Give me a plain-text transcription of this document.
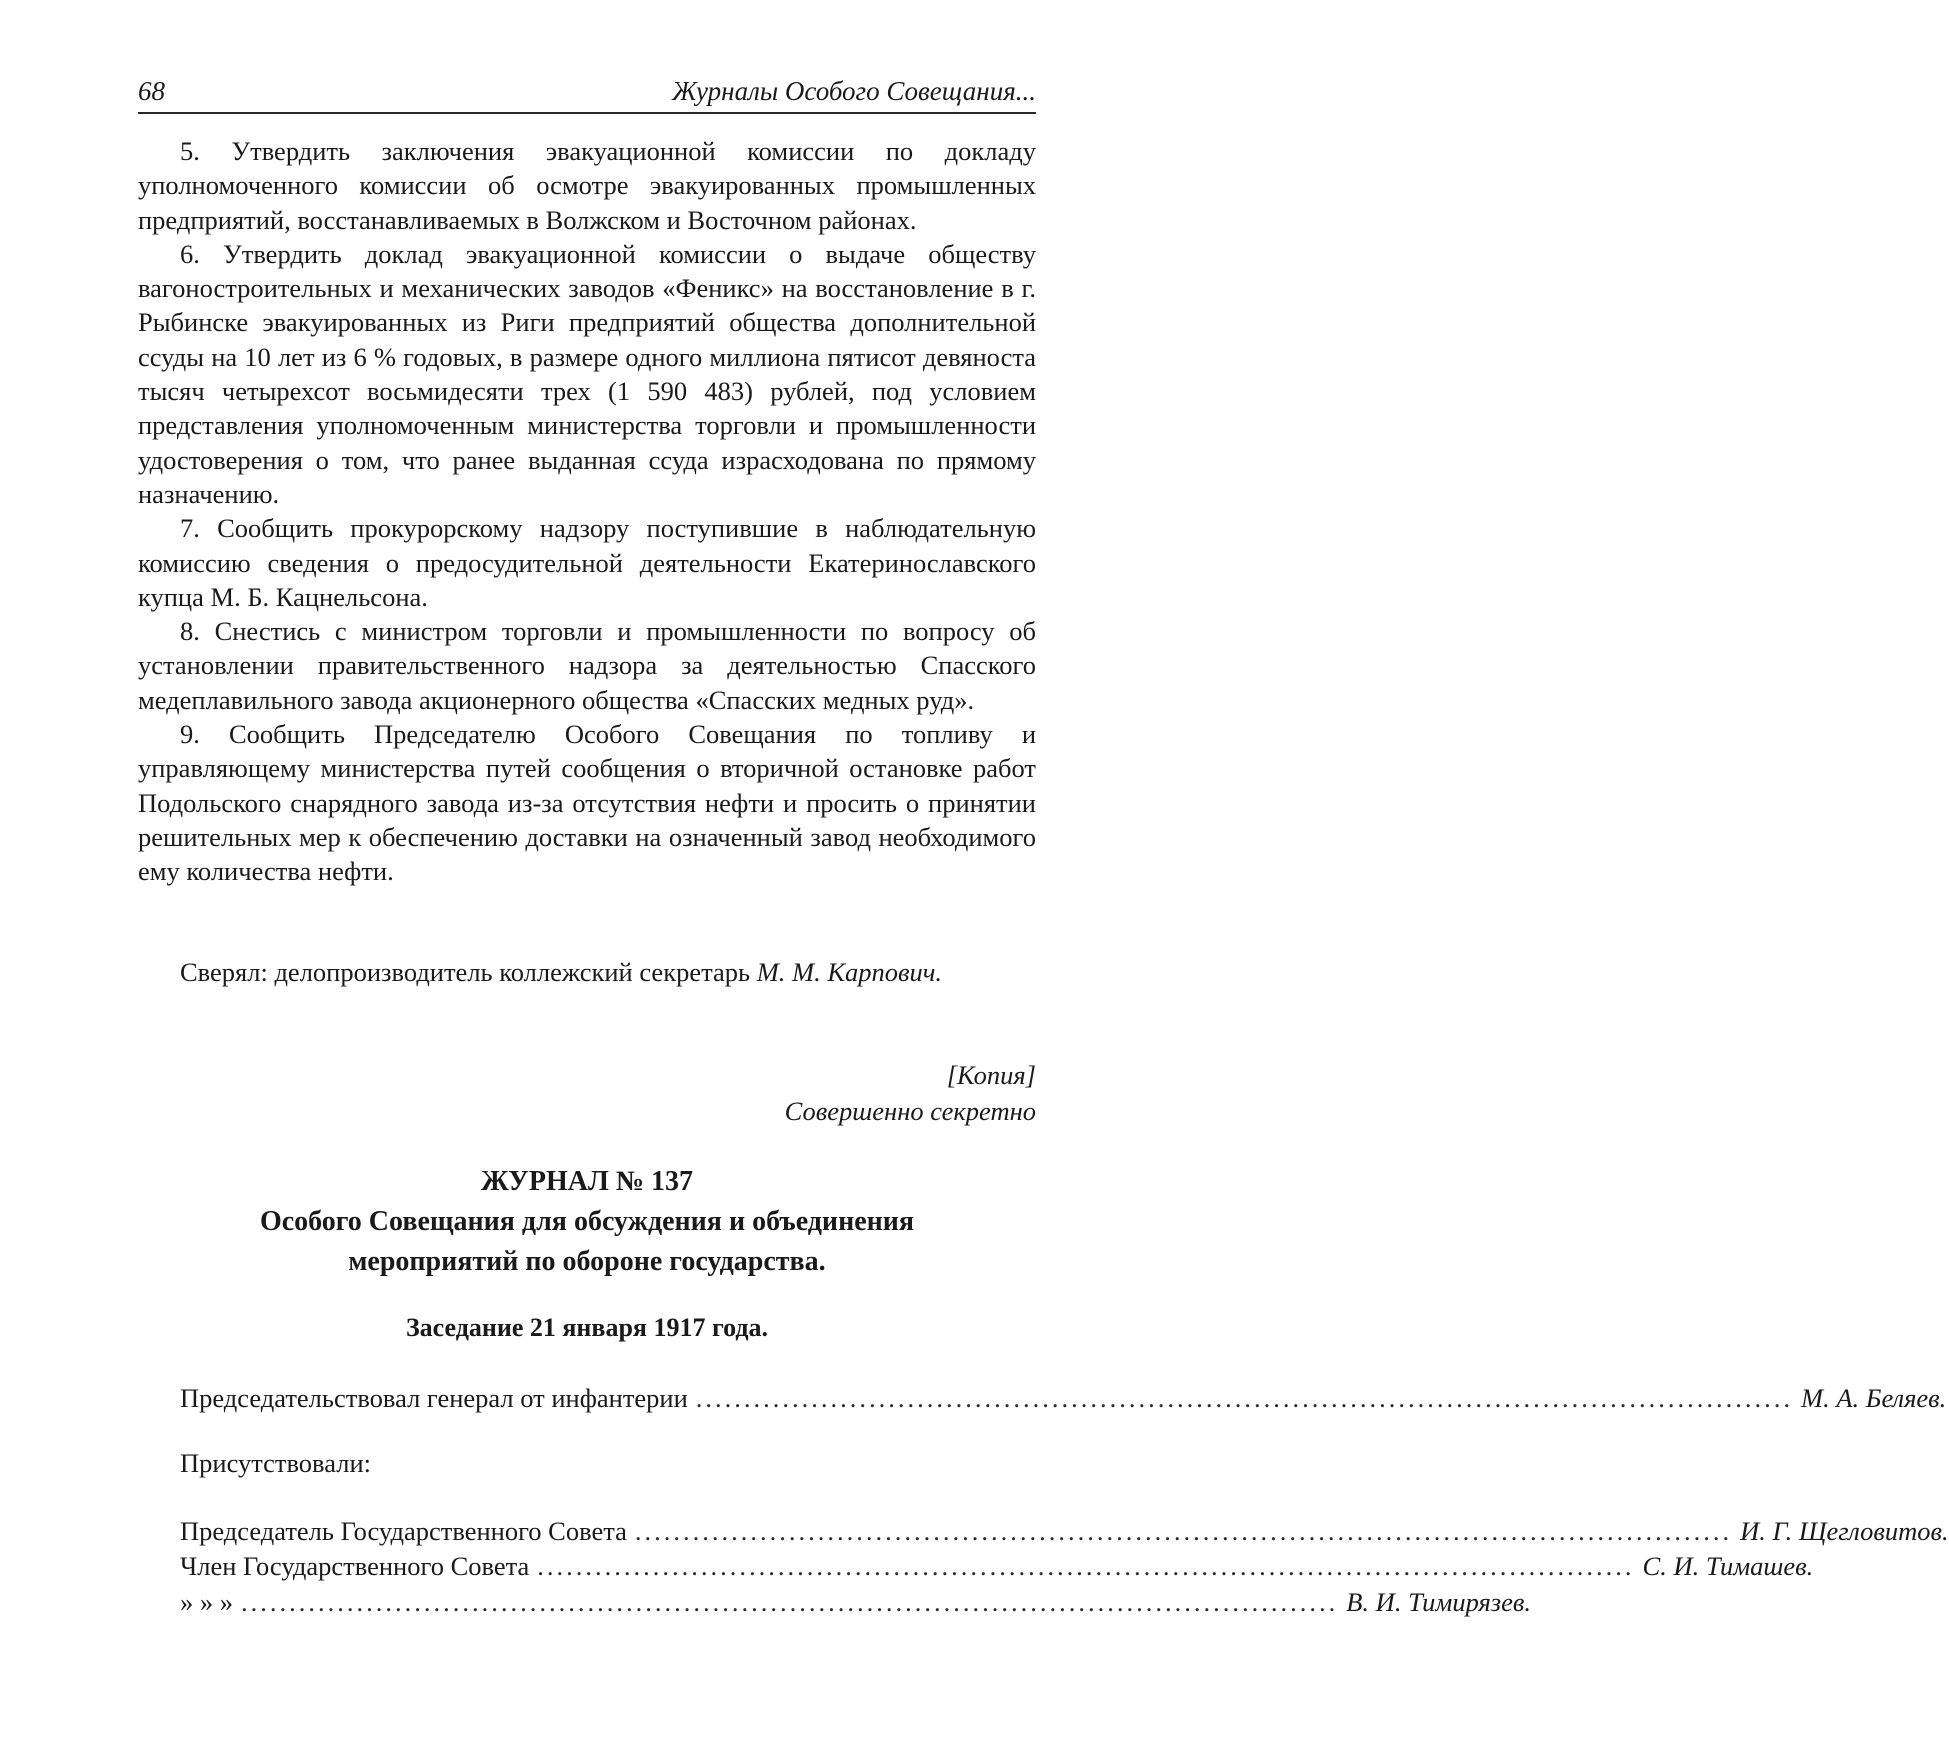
68	Журналы Особого Совещания...

5. Утвердить заключения эвакуационной комиссии по докладу уполномоченного комиссии об осмотре эвакуированных промышленных предприятий, восстанавливаемых в Волжском и Восточном районах.

6. Утвердить доклад эвакуационной комиссии о выдаче обществу вагоностроительных и механических заводов «Феникс» на восстановление в г. Рыбинске эвакуированных из Риги предприятий общества дополнительной ссуды на 10 лет из 6 % годовых, в размере одного миллиона пятисот девяноста тысяч четырехсот восьмидесяти трех (1 590 483) рублей, под условием представления уполномоченным министерства торговли и промышленности удостоверения о том, что ранее выданная ссуда израсходована по прямому назначению.

7. Сообщить прокурорскому надзору поступившие в наблюдательную комиссию сведения о предосудительной деятельности Екатеринославского купца М. Б. Кацнельсона.

8. Снестись с министром торговли и промышленности по вопросу об установлении правительственного надзора за деятельностью Спасского медеплавильного завода акционерного общества «Спасских медных руд».

9. Сообщить Председателю Особого Совещания по топливу и управляющему министерства путей сообщения о вторичной остановке работ Подольского снарядного завода из-за отсутствия нефти и просить о принятии решительных мер к обеспечению доставки на означенный завод необходимого ему количества нефти.

Сверял: делопроизводитель коллежский секретарь М. М. Карпович.
[Копия]
Совершенно секретно
ЖУРНАЛ № 137
Особого Совещания для обсуждения и объединения
мероприятий по обороне государства.
Заседание 21 января 1917 года.
Председательствовал генерал от инфантерии .................................................................................................................. М. А. Беляев.
Присутствовали:
Председатель Государственного Совета .................................................................................................................. И. Г. Щегловитов.
Член Государственного Совета .................................................................................................................. С. И. Тимашев.
» » » .................................................................................................................. В. И. Тимирязев.
